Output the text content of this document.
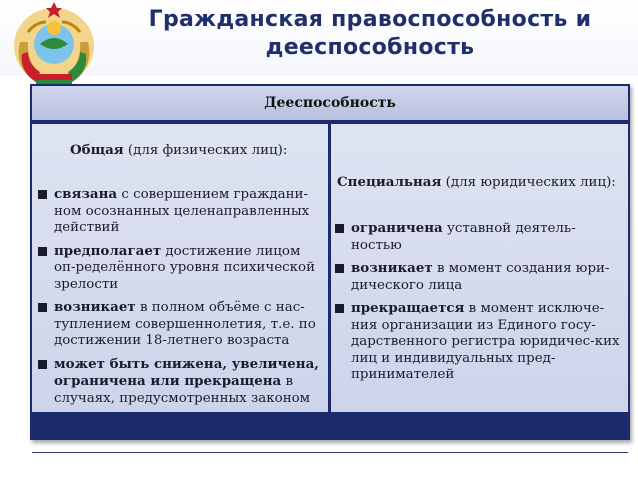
Гражданская правоспособность и
дееспособность
Дееспособность
Общая (для физических лиц):
связана с совершением граждани-ном осознанных целенаправленных действий
предполагает достижение лицом оп-ределённого уровня психической зрелости
возникает в полном объёме с нас-туплением совершеннолетия, т.е. по достижении 18-летнего возраста
может быть снижена, увеличена, ограничена или прекращена в случаях, предусмотренных законом
Специальная (для юридических лиц):
ограничена уставной деятель-ностью
возникает в момент создания юри-дического лица
прекращается в момент исключе-ния организации из Единого госу-дарственного регистра юридичес-ких лиц и индивидуальных пред-принимателей
